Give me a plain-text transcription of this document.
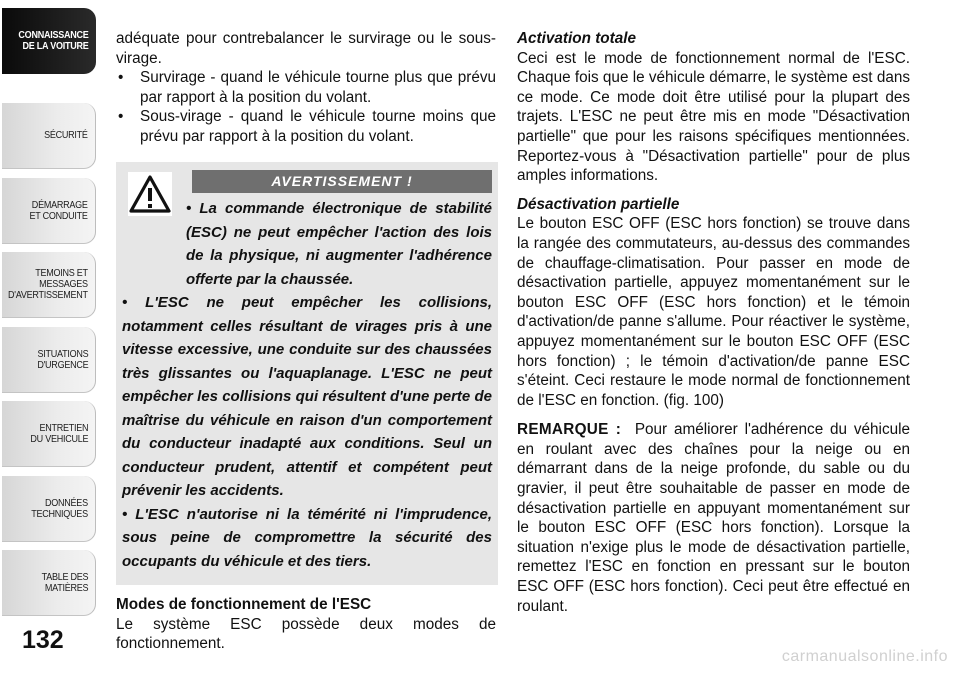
CONNAISSANCE
DE LA VOITURE
SÉCURITÉ
DÉMARRAGE
ET CONDUITE
TEMOINS ET
MESSAGES
D'AVERTISSEMENT
SITUATIONS
D'URGENCE
ENTRETIEN
DU VEHICULE
DONNÉES
TECHNIQUES
TABLE DES
MATIÈRES
132

adéquate pour contrebalancer le survirage ou le sous-virage.

• Survirage - quand le véhicule tourne plus que prévu par rapport à la position du volant.
• Sous-virage - quand le véhicule tourne moins que prévu par rapport à la position du volant.
AVERTISSEMENT !
• La commande électronique de stabilité (ESC) ne peut empêcher l'action des lois de la physique, ni augmenter l'adhérence offerte par la chaussée.
• L'ESC ne peut empêcher les collisions, notamment celles résultant de virages pris à une vitesse excessive, une conduite sur des chaussées très glissantes ou l'aquaplanage. L'ESC ne peut empêcher les collisions qui résultent d'une perte de maîtrise du véhicule en raison d'un comportement du conducteur inadapté aux conditions. Seul un conducteur prudent, attentif et compétent peut prévenir les accidents.
• L'ESC n'autorise ni la témérité ni l'imprudence, sous peine de compromettre la sécurité des occupants du véhicule et des tiers.

Modes de fonctionnement de l'ESC

Le système ESC possède deux modes de fonctionnement.

Activation totale

Ceci est le mode de fonctionnement normal de l'ESC. Chaque fois que le véhicule démarre, le système est dans ce mode. Ce mode doit être utilisé pour la plupart des trajets. L'ESC ne peut être mis en mode "Désactivation partielle" que pour les raisons spécifiques mentionnées. Reportez-vous à "Désactivation partielle" pour de plus amples informations.

Désactivation partielle

Le bouton ESC OFF (ESC hors fonction) se trouve dans la rangée des commutateurs, au-dessus des commandes de chauffage-climatisation. Pour passer en mode de désactivation partielle, appuyez momentanément sur le bouton ESC OFF (ESC hors fonction) et le témoin d'activation/de panne s'allume. Pour réactiver le système, appuyez momentanément sur le bouton ESC OFF (ESC hors fonction) ; le témoin d'activation/de panne ESC s'éteint. Ceci restaure le mode normal de fonctionnement de l'ESC en fonction. (fig. 100)

REMARQUE : Pour améliorer l'adhérence du véhicule en roulant avec des chaînes pour la neige ou en démarrant dans de la neige profonde, du sable ou du gravier, il peut être souhaitable de passer en mode de désactivation partielle en appuyant momentanément sur le bouton ESC OFF (ESC hors fonction). Lorsque la situation n'exige plus le mode de désactivation partielle, remettez l'ESC en fonction en pressant sur le bouton ESC OFF (ESC hors fonction). Ceci peut être effectué en roulant.

carmanualsonline.info
